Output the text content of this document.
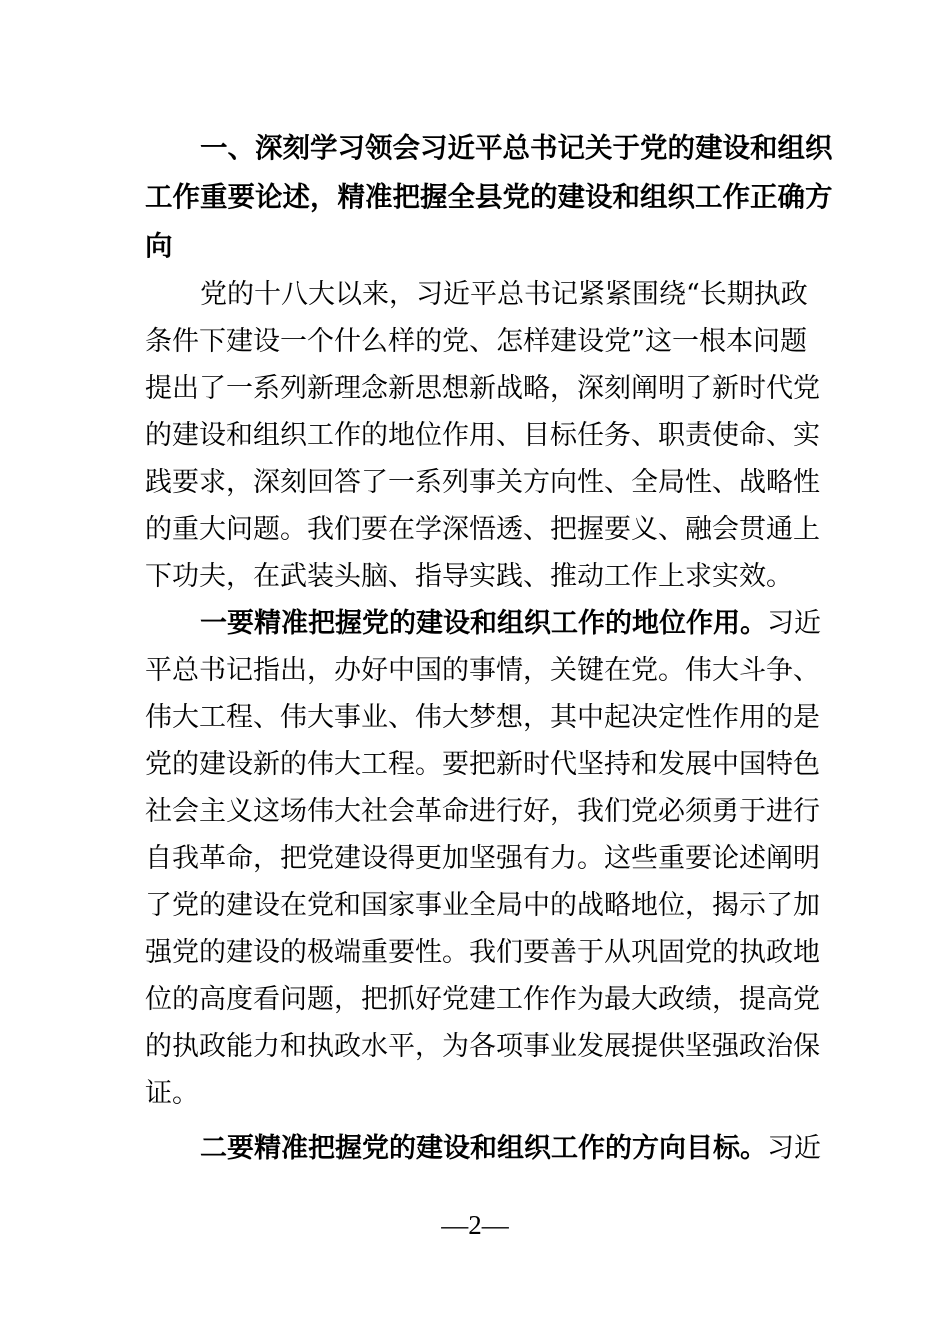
一、深刻学习领会习近平总书记关于党的建设和组织
工作重要论述，精准把握全县党的建设和组织工作正确方
向
党的十八大以来，习近平总书记紧紧围绕“长期执政
条件下建设一个什么样的党、怎样建设党”这一根本问题
提出了一系列新理念新思想新战略，深刻阐明了新时代党
的建设和组织工作的地位作用、目标任务、职责使命、实
践要求，深刻回答了一系列事关方向性、全局性、战略性
的重大问题。我们要在学深悟透、把握要义、融会贯通上
下功夫，在武装头脑、指导实践、推动工作上求实效。
一要精准把握党的建设和组织工作的地位作用。习近
平总书记指出，办好中国的事情，关键在党。伟大斗争、
伟大工程、伟大事业、伟大梦想，其中起决定性作用的是
党的建设新的伟大工程。要把新时代坚持和发展中国特色
社会主义这场伟大社会革命进行好，我们党必须勇于进行
自我革命，把党建设得更加坚强有力。这些重要论述阐明
了党的建设在党和国家事业全局中的战略地位，揭示了加
强党的建设的极端重要性。我们要善于从巩固党的执政地
位的高度看问题，把抓好党建工作作为最大政绩，提高党
的执政能力和执政水平，为各项事业发展提供坚强政治保
证。
二要精准把握党的建设和组织工作的方向目标。习近
—2—
